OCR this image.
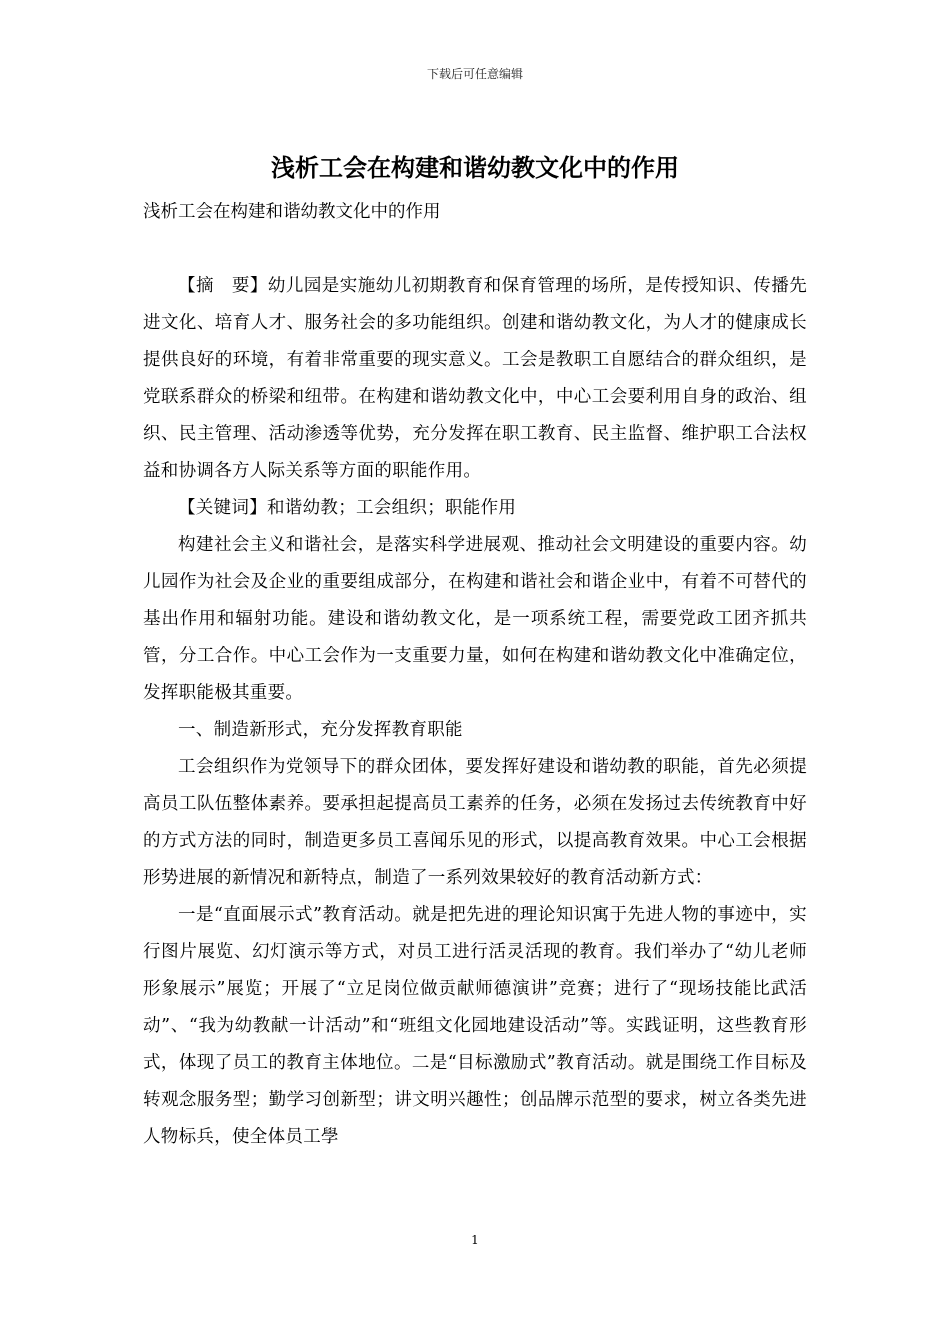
下载后可任意编辑
浅析工会在构建和谐幼教文化中的作用

浅析工会在构建和谐幼教文化中的作用

【摘　要】幼儿园是实施幼儿初期教育和保育管理的场所，是传授知识、传播先进文化、培育人才、服务社会的多功能组织。创建和谐幼教文化，为人才的健康成长提供良好的环境，有着非常重要的现实意义。工会是教职工自愿结合的群众组织，是党联系群众的桥梁和纽带。在构建和谐幼教文化中，中心工会要利用自身的政治、组织、民主管理、活动渗透等优势，充分发挥在职工教育、民主监督、维护职工合法权益和协调各方人际关系等方面的职能作用。

【关键词】和谐幼教；工会组织；职能作用

构建社会主义和谐社会，是落实科学进展观、推动社会文明建设的重要内容。幼儿园作为社会及企业的重要组成部分，在构建和谐社会和谐企业中，有着不可替代的基出作用和辐射功能。建设和谐幼教文化，是一项系统工程，需要党政工团齐抓共管，分工合作。中心工会作为一支重要力量，如何在构建和谐幼教文化中准确定位，发挥职能极其重要。

一、制造新形式，充分发挥教育职能

工会组织作为党领导下的群众团体，要发挥好建设和谐幼教的职能，首先必须提高员工队伍整体素养。要承担起提高员工素养的任务，必须在发扬过去传统教育中好的方式方法的同时，制造更多员工喜闻乐见的形式，以提高教育效果。中心工会根据形势进展的新情况和新特点，制造了一系列效果较好的教育活动新方式：

一是“直面展示式”教育活动。就是把先进的理论知识寓于先进人物的事迹中，实行图片展览、幻灯演示等方式，对员工进行活灵活现的教育。我们举办了“幼儿老师形象展示”展览；开展了“立足岗位做贡献师德演讲”竞赛；进行了“现场技能比武活动”、“我为幼教献一计活动”和“班组文化园地建设活动”等。实践证明，这些教育形式，体现了员工的教育主体地位。二是“目标激励式”教育活动。就是围绕工作目标及转观念服务型；勤学习创新型；讲文明兴趣性；创品牌示范型的要求，树立各类先进人物标兵，使全体员工學

1
